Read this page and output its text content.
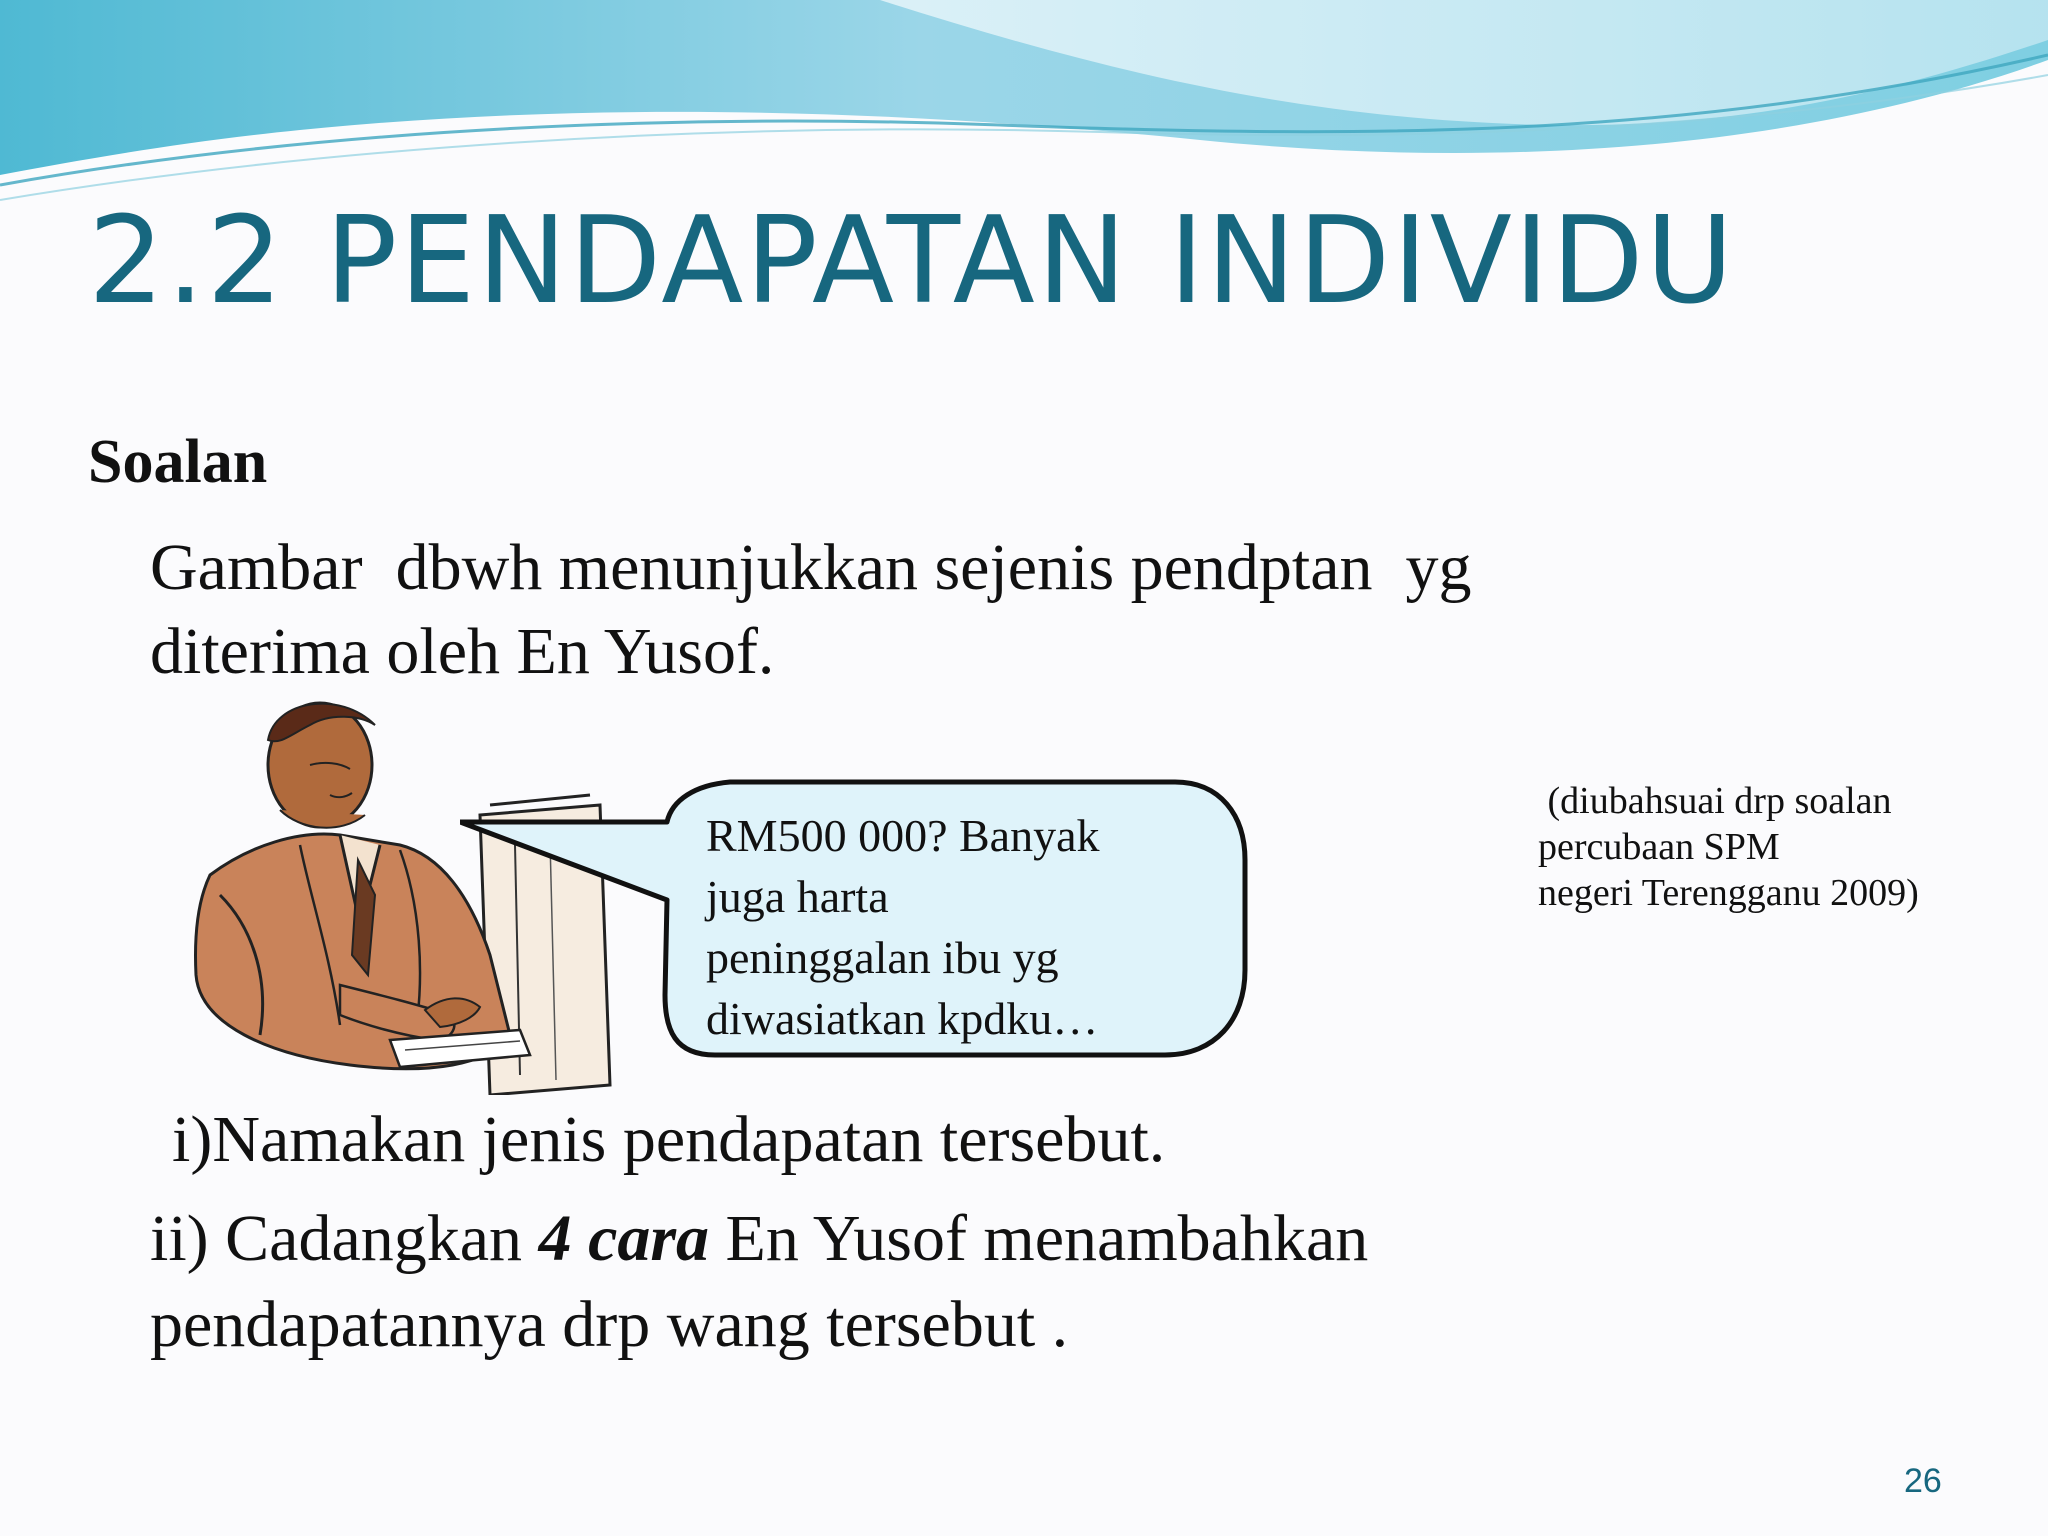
2.2 PENDAPATAN INDIVIDU
Soalan
Gambar  dbwh menunjukkan sejenis pendptan  yg
diterima oleh En Yusof.
RM500 000? Banyak
juga harta
peninggalan ibu yg
diwasiatkan kpdku…
(diubahsuai drp soalan
percubaan SPM
negeri Terengganu 2009)
i)Namakan jenis pendapatan tersebut.
ii) Cadangkan 4 cara En Yusof menambahkan
pendapatannya drp wang tersebut .
26
